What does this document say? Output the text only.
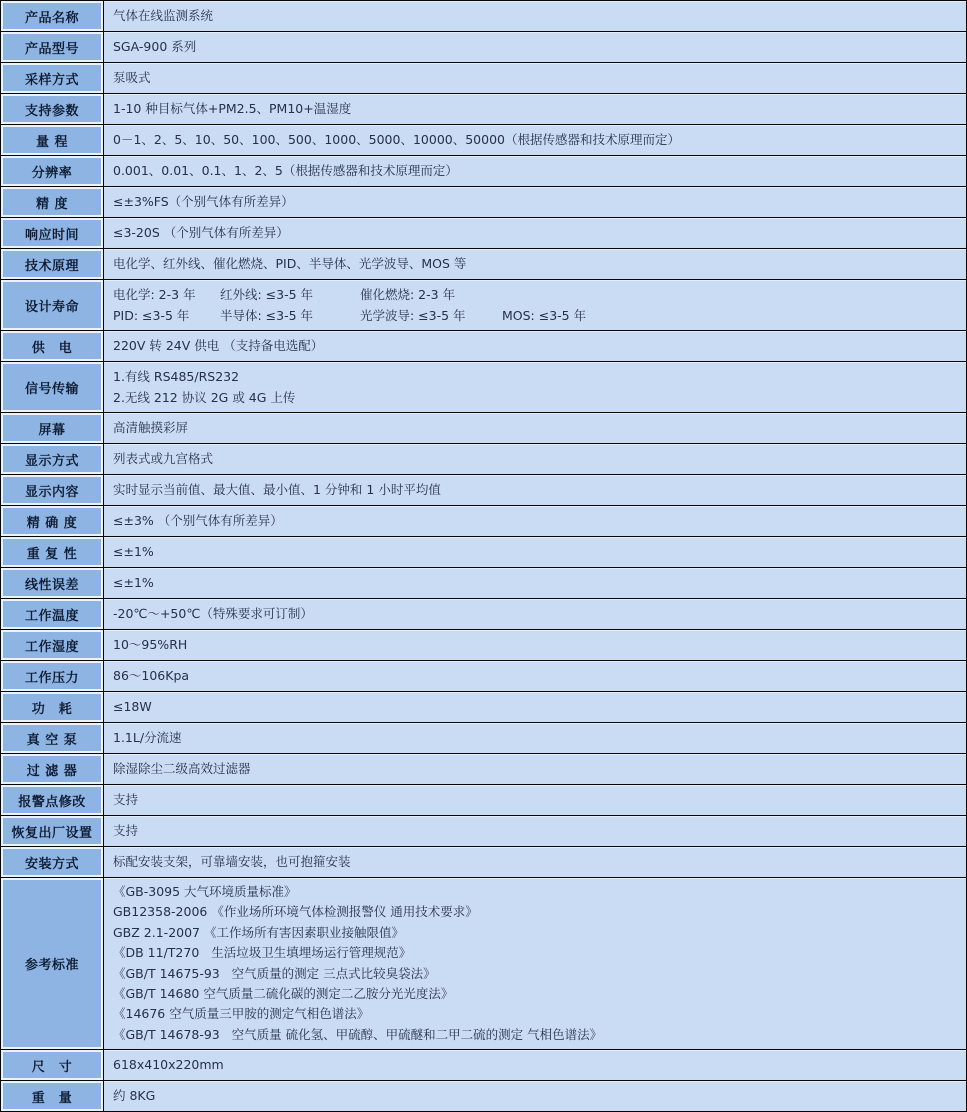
产品名称	气体在线监测系统

产品型号	SGA-900 系列

采样方式	泵吸式

支持参数	1-10 种目标气体+PM2.5、PM10+温湿度

量 程	0－1、2、5、10、50、100、500、1000、5000、10000、50000（根据传感器和技术原理而定）

分辨率	0.001、0.01、0.1、1、2、5（根据传感器和技术原理而定）

精 度	≤±3%FS（个别气体有所差异）

响应时间	≤3-20S （个别气体有所差异）

技术原理	电化学、红外线、催化燃烧、PID、半导体、光学波导、MOS 等

设计寿命	电化学: 2-3 年 红外线: ≤3-5 年 催化燃烧: 2-3 年
PID: ≤3-5 年 半导体: ≤3-5 年 光学波导: ≤3-5 年 MOS: ≤3-5 年

供　电	220V 转 24V 供电 （支持备电选配）

信号传输	1.有线 RS485/RS232
2.无线 212 协议 2G 或 4G 上传

屏幕	高清触摸彩屏

显示方式	列表式或九宫格式

显示内容	实时显示当前值、最大值、最小值、1 分钟和 1 小时平均值

精 确 度	≤±3% （个别气体有所差异）

重 复 性	≤±1%

线性误差	≤±1%

工作温度	-20℃～+50℃（特殊要求可订制）

工作湿度	10～95%RH

工作压力	86～106Kpa

功　耗	≤18W

真 空 泵	1.1L/分流速

过 滤 器	除湿除尘二级高效过滤器

报警点修改	支持

恢复出厂设置	支持

安装方式	标配安装支架，可靠墙安装，也可抱箍安装

参考标准	
《GB-3095 大气环境质量标准》
GB12358-2006 《作业场所环境气体检测报警仪 通用技术要求》
GBZ 2.1-2007 《工作场所有害因素职业接触限值》
《DB 11/T270   生活垃圾卫生填埋场运行管理规范》
《GB/T 14675-93   空气质量的测定 三点式比较臭袋法》
《GB/T 14680 空气质量二硫化碳的测定二乙胺分光光度法》
《14676 空气质量三甲胺的测定气相色谱法》
《GB/T 14678-93   空气质量 硫化氢、甲硫醇、甲硫醚和二甲二硫的测定 气相色谱法》

尺　寸	618x410x220mm

重　量	约 8KG
